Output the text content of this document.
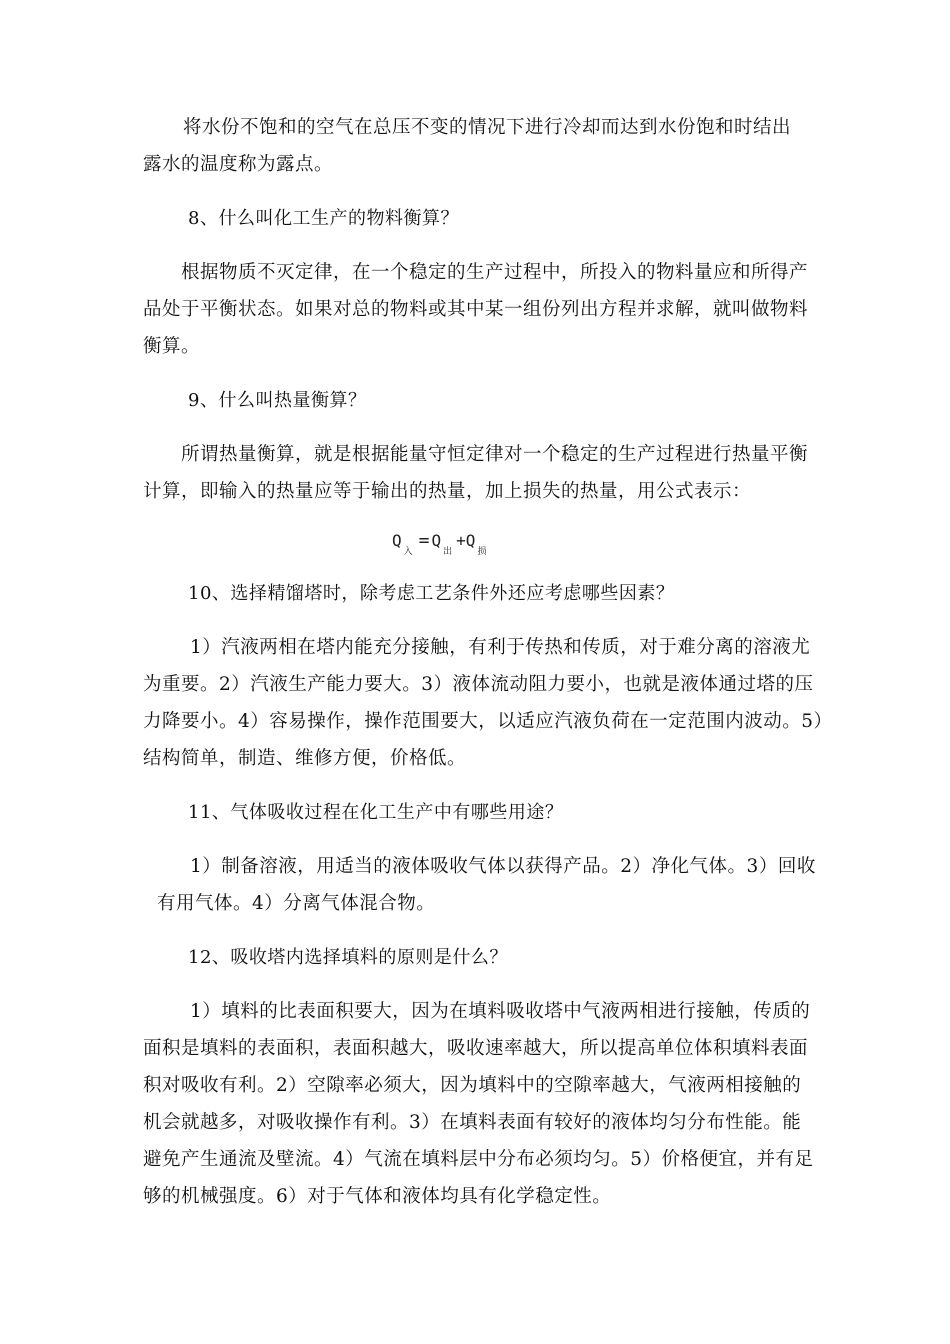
将水份不饱和的空气在总压不变的情况下进行冷却而达到水份饱和时结出
露水的温度称为露点。
8、什么叫化工生产的物料衡算？
根据物质不灭定律，在一个稳定的生产过程中，所投入的物料量应和所得产
品处于平衡状态。如果对总的物料或其中某一组份列出方程并求解，就叫做物料
衡算。
9、什么叫热量衡算？
所谓热量衡算，就是根据能量守恒定律对一个稳定的生产过程进行热量平衡
计算，即输入的热量应等于输出的热量，加上损失的热量，用公式表示：
$Q_入= Q_出+Q_损$
10、选择精馏塔时，除考虑工艺条件外还应考虑哪些因素？
1）汽液两相在塔内能充分接触，有利于传热和传质，对于难分离的溶液尤
为重要。2）汽液生产能力要大。3）液体流动阻力要小，也就是液体通过塔的压
力降要小。4）容易操作，操作范围要大，以适应汽液负荷在一定范围内波动。5）
结构简单，制造、维修方便，价格低。
11、气体吸收过程在化工生产中有哪些用途？
1）制备溶液，用适当的液体吸收气体以获得产品。2）净化气体。3）回收
有用气体。4）分离气体混合物。
12、吸收塔内选择填料的原则是什么？
1）填料的比表面积要大，因为在填料吸收塔中气液两相进行接触，传质的
面积是填料的表面积，表面积越大，吸收速率越大，所以提高单位体积填料表面
积对吸收有利。2）空隙率必须大，因为填料中的空隙率越大，气液两相接触的
机会就越多，对吸收操作有利。3）在填料表面有较好的液体均匀分布性能。能
避免产生通流及壁流。4）气流在填料层中分布必须均匀。5）价格便宜，并有足
够的机械强度。6）对于气体和液体均具有化学稳定性。
